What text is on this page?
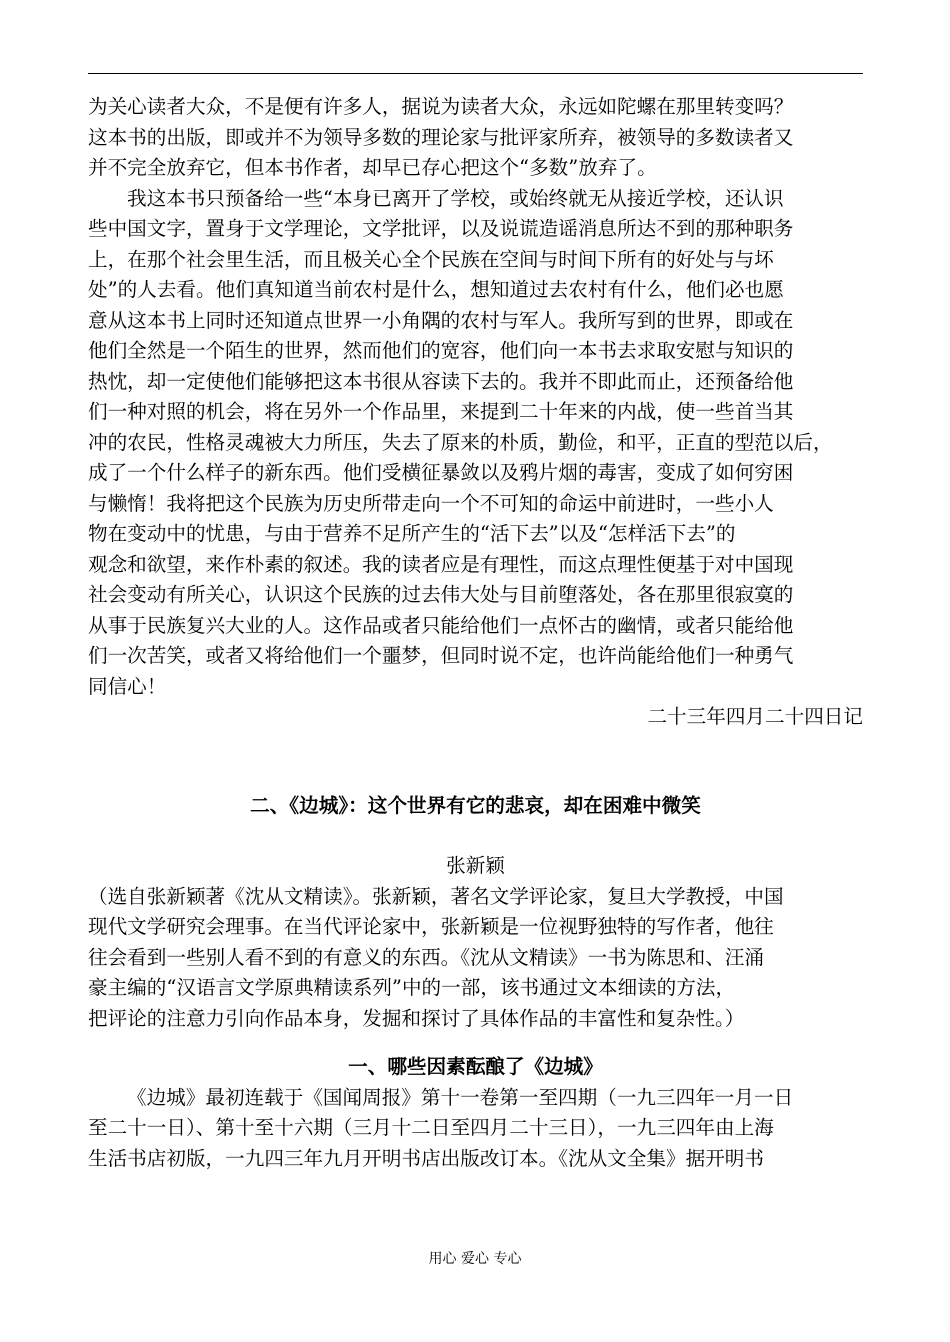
为关心读者大众，不是便有许多人，据说为读者大众，永远如陀螺在那里转变吗？
这本书的出版，即或并不为领导多数的理论家与批评家所弃，被领导的多数读者又
并不完全放弃它，但本书作者，却早已存心把这个“多数”放弃了。
我这本书只预备给一些“本身已离开了学校，或始终就无从接近学校，还认识
些中国文字，置身于文学理论，文学批评，以及说谎造谣消息所达不到的那种职务
上，在那个社会里生活，而且极关心全个民族在空间与时间下所有的好处与与坏
处”的人去看。他们真知道当前农村是什么，想知道过去农村有什么，他们必也愿
意从这本书上同时还知道点世界一小角隅的农村与军人。我所写到的世界，即或在
他们全然是一个陌生的世界，然而他们的宽容，他们向一本书去求取安慰与知识的
热忱，却一定使他们能够把这本书很从容读下去的。我并不即此而止，还预备给他
们一种对照的机会，将在另外一个作品里，来提到二十年来的内战，使一些首当其
冲的农民，性格灵魂被大力所压，失去了原来的朴质，勤俭，和平，正直的型范以后，
成了一个什么样子的新东西。他们受横征暴敛以及鸦片烟的毒害，变成了如何穷困
与懒惰！我将把这个民族为历史所带走向一个不可知的命运中前进时，一些小人
物在变动中的忧患，与由于营养不足所产生的“活下去”以及“怎样活下去”的
观念和欲望，来作朴素的叙述。我的读者应是有理性，而这点理性便基于对中国现
社会变动有所关心，认识这个民族的过去伟大处与目前堕落处，各在那里很寂寞的
从事于民族复兴大业的人。这作品或者只能给他们一点怀古的幽情，或者只能给他
们一次苦笑，或者又将给他们一个噩梦，但同时说不定，也许尚能给他们一种勇气
同信心！
二十三年四月二十四日记
二、《边城》：这个世界有它的悲哀，却在困难中微笑
张新颖
（选自张新颖著《沈从文精读》。张新颖，著名文学评论家，复旦大学教授，中国
现代文学研究会理事。在当代评论家中，张新颖是一位视野独特的写作者，他往
往会看到一些别人看不到的有意义的东西。《沈从文精读》一书为陈思和、汪涌
豪主编的“汉语言文学原典精读系列”中的一部，该书通过文本细读的方法，
把评论的注意力引向作品本身，发掘和探讨了具体作品的丰富性和复杂性。）
一、哪些因素酝酿了《边城》
《边城》最初连载于《国闻周报》第十一卷第一至四期（一九三四年一月一日
至二十一日）、第十至十六期（三月十二日至四月二十三日），一九三四年由上海
生活书店初版，一九四三年九月开明书店出版改订本。《沈从文全集》据开明书
用心 爱心 专心
